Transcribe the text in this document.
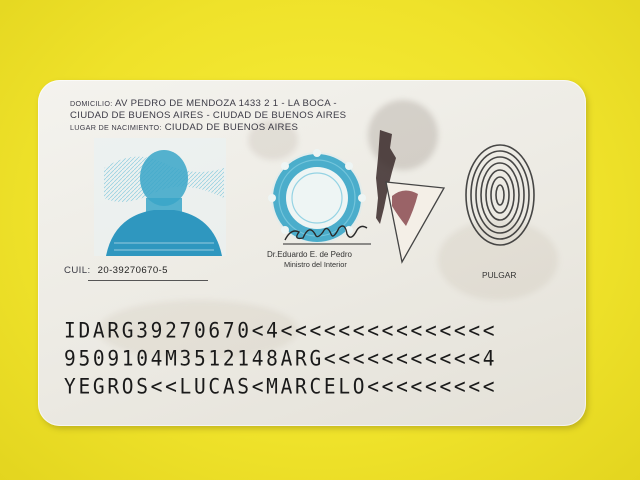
DOMICILIO: AV PEDRO DE MENDOZA 1433 2 1 - LA BOCA -
CIUDAD DE BUENOS AIRES - CIUDAD DE BUENOS AIRES
LUGAR DE NACIMIENTO: CIUDAD DE BUENOS AIRES
Dr.Eduardo E. de Pedro
Ministro del Interior
PULGAR
CUIL: 20-39270670-5
IDARG39270670<4<<<<<<<<<<<<<<<
9509104M3512148ARG<<<<<<<<<<<4
YEGROS<<LUCAS<MARCELO<<<<<<<<<
